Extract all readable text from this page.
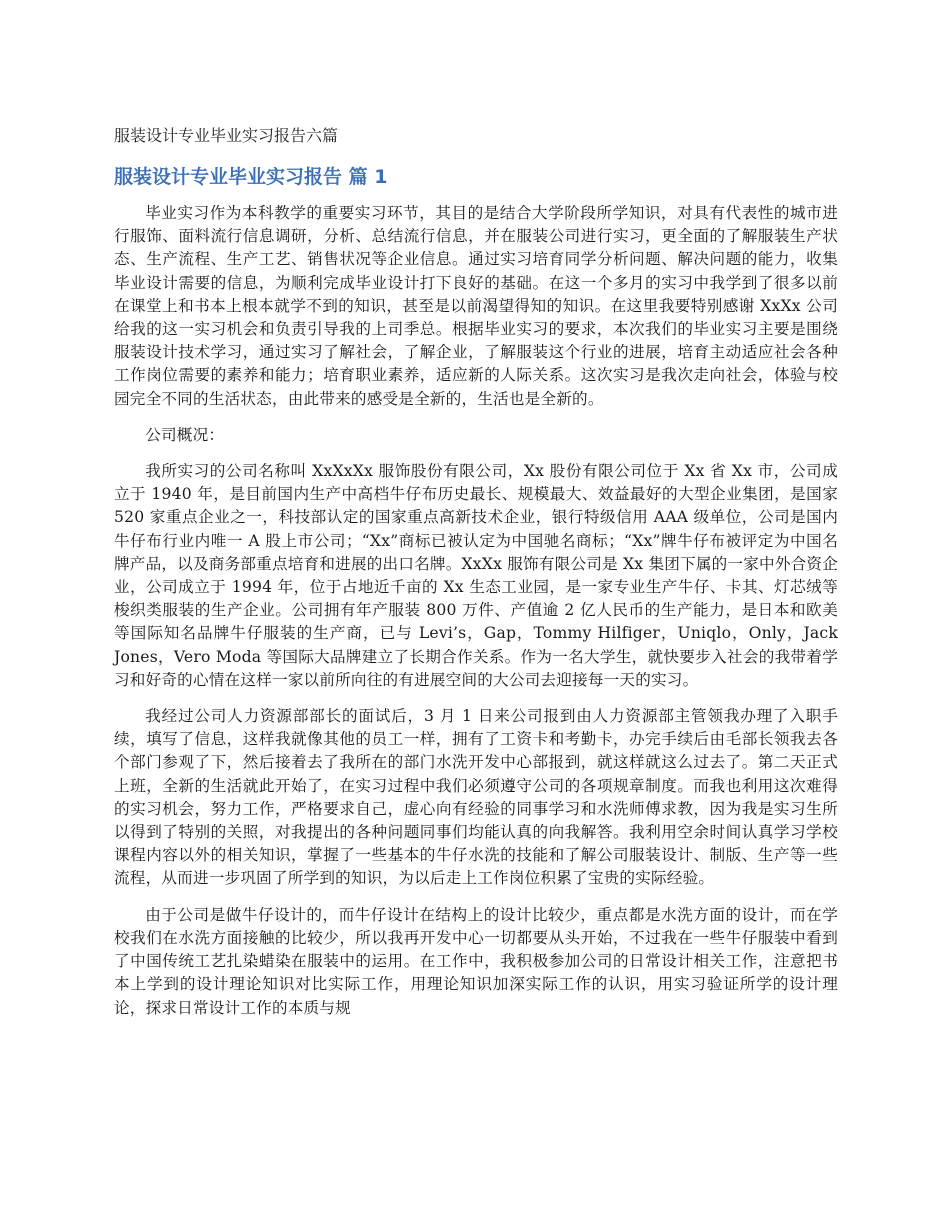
服装设计专业毕业实习报告六篇
服装设计专业毕业实习报告 篇 1

毕业实习作为本科教学的重要实习环节，其目的是结合大学阶段所学知识，对具有代表性的城市进行服饰、面料流行信息调研，分析、总结流行信息，并在服装公司进行实习，更全面的了解服装生产状态、生产流程、生产工艺、销售状况等企业信息。通过实习培育同学分析问题、解决问题的能力，收集毕业设计需要的信息，为顺利完成毕业设计打下良好的基础。在这一个多月的实习中我学到了很多以前在课堂上和书本上根本就学不到的知识，甚至是以前渴望得知的知识。在这里我要特别感谢 XxXx 公司给我的这一实习机会和负责引导我的上司季总。根据毕业实习的要求，本次我们的毕业实习主要是围绕服装设计技术学习，通过实习了解社会，了解企业，了解服装这个行业的进展，培育主动适应社会各种工作岗位需要的素养和能力；培育职业素养，适应新的人际关系。这次实习是我次走向社会，体验与校园完全不同的生活状态，由此带来的感受是全新的，生活也是全新的。

公司概况：

我所实习的公司名称叫 XxXxXx 服饰股份有限公司，Xx 股份有限公司位于 Xx 省 Xx 市，公司成立于 1940 年，是目前国内生产中高档牛仔布历史最长、规模最大、效益最好的大型企业集团，是国家 520 家重点企业之一，科技部认定的国家重点高新技术企业，银行特级信用 AAA 级单位，公司是国内牛仔布行业内唯一 A 股上市公司；“Xx”商标已被认定为中国驰名商标；“Xx”牌牛仔布被评定为中国名牌产品，以及商务部重点培育和进展的出口名牌。XxXx 服饰有限公司是 Xx 集团下属的一家中外合资企业，公司成立于 1994 年，位于占地近千亩的 Xx 生态工业园，是一家专业生产牛仔、卡其、灯芯绒等梭织类服装的生产企业。公司拥有年产服装 800 万件、产值逾 2 亿人民币的生产能力，是日本和欧美等国际知名品牌牛仔服装的生产商，已与 Levi’s，Gap，Tommy Hilfiger，Uniqlo，Only，Jack Jones，Vero Moda 等国际大品牌建立了长期合作关系。作为一名大学生，就快要步入社会的我带着学习和好奇的心情在这样一家以前所向往的有进展空间的大公司去迎接每一天的实习。

我经过公司人力资源部部长的面试后，3 月 1 日来公司报到由人力资源部主管领我办理了入职手续，填写了信息，这样我就像其他的员工一样，拥有了工资卡和考勤卡，办完手续后由毛部长领我去各个部门参观了下，然后接着去了我所在的部门水洗开发中心部报到，就这样就这么过去了。第二天正式上班，全新的生活就此开始了，在实习过程中我们必须遵守公司的各项规章制度。而我也利用这次难得的实习机会，努力工作，严格要求自己，虚心向有经验的同事学习和水洗师傅求教，因为我是实习生所以得到了特别的关照，对我提出的各种问题同事们均能认真的向我解答。我利用空余时间认真学习学校课程内容以外的相关知识，掌握了一些基本的牛仔水洗的技能和了解公司服装设计、制版、生产等一些流程，从而进一步巩固了所学到的知识，为以后走上工作岗位积累了宝贵的实际经验。

由于公司是做牛仔设计的，而牛仔设计在结构上的设计比较少，重点都是水洗方面的设计，而在学校我们在水洗方面接触的比较少，所以我再开发中心一切都要从头开始，不过我在一些牛仔服装中看到了中国传统工艺扎染蜡染在服装中的运用。在工作中，我积极参加公司的日常设计相关工作，注意把书本上学到的设计理论知识对比实际工作，用理论知识加深实际工作的认识，用实习验证所学的设计理论，探求日常设计工作的本质与规
